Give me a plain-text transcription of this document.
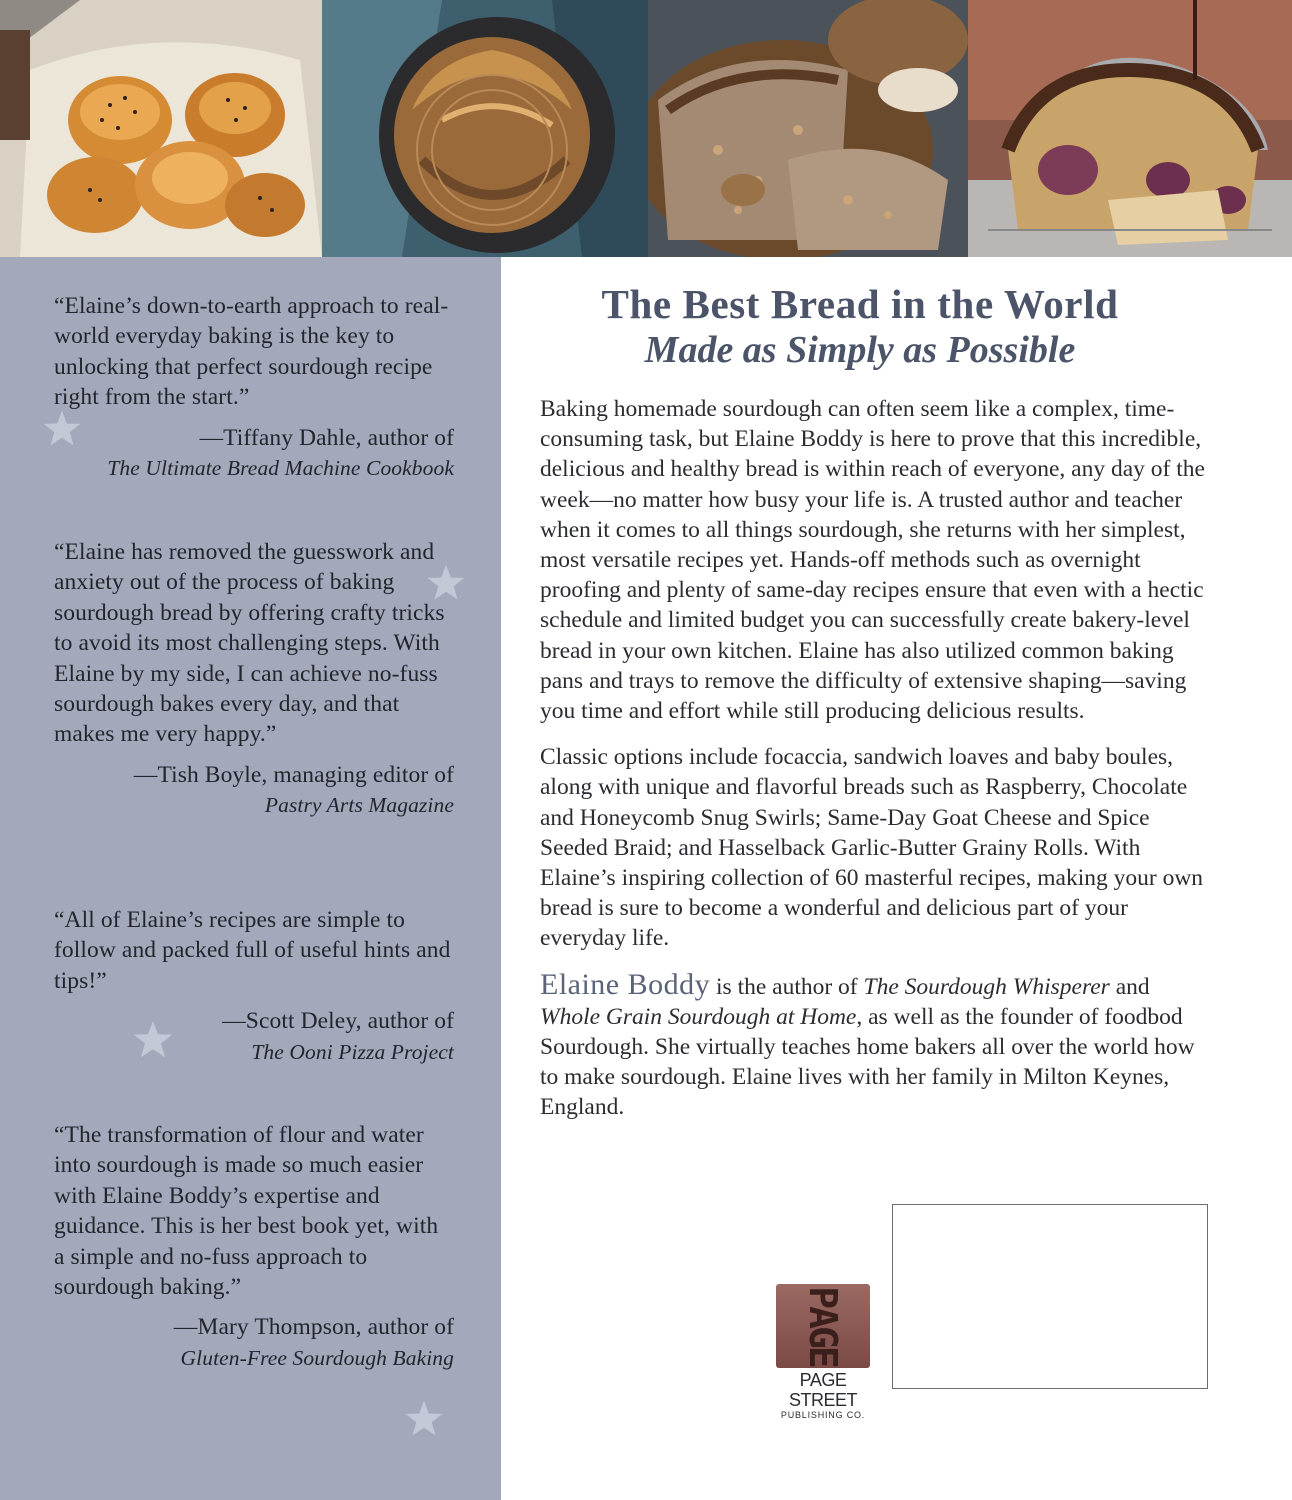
“Elaine’s down-to-earth approach to real-world everyday baking is the key to unlocking that perfect sourdough recipe right from the start.”

—Tiffany Dahle, author of

The Ultimate Bread Machine Cookbook

“Elaine has removed the guesswork and anxiety out of the process of baking sourdough bread by offering crafty tricks to avoid its most challenging steps. With Elaine by my side, I can achieve no-fuss sourdough bakes every day, and that makes me very happy.”

—Tish Boyle, managing editor of

Pastry Arts Magazine

“All of Elaine’s recipes are simple to follow and packed full of useful hints and tips!”

—Scott Deley, author of

The Ooni Pizza Project

“The transformation of flour and water into sourdough is made so much easier with Elaine Boddy’s expertise and guidance. This is her best book yet, with a simple and no-fuss approach to sourdough baking.”

—Mary Thompson, author of

Gluten-Free Sourdough Baking

The Best Bread in the World
Made as Simply as Possible

Baking homemade sourdough can often seem like a complex, time-consuming task, but Elaine Boddy is here to prove that this incredible, delicious and healthy bread is within reach of everyone, any day of the week—no matter how busy your life is. A trusted author and teacher when it comes to all things sourdough, she returns with her simplest, most versatile recipes yet. Hands-off methods such as overnight proofing and plenty of same-day recipes ensure that even with a hectic schedule and limited budget you can successfully create bakery-level bread in your own kitchen. Elaine has also utilized common baking pans and trays to remove the difficulty of extensive shaping—saving you time and effort while still producing delicious results.

Classic options include focaccia, sandwich loaves and baby boules, along with unique and flavorful breads such as Raspberry, Chocolate and Honeycomb Snug Swirls; Same-Day Goat Cheese and Spice Seeded Braid; and Hasselback Garlic-Butter Grainy Rolls. With Elaine’s inspiring collection of 60 masterful recipes, making your own bread is sure to become a wonderful and delicious part of your everyday life.

Elaine Boddy is the author of The Sourdough Whisperer and Whole Grain Sourdough at Home, as well as the founder of foodbod Sourdough. She virtually teaches home bakers all over the world how to make sourdough. Elaine lives with her family in Milton Keynes, England.

PAGE
PAGE STREET
PUBLISHING CO.
